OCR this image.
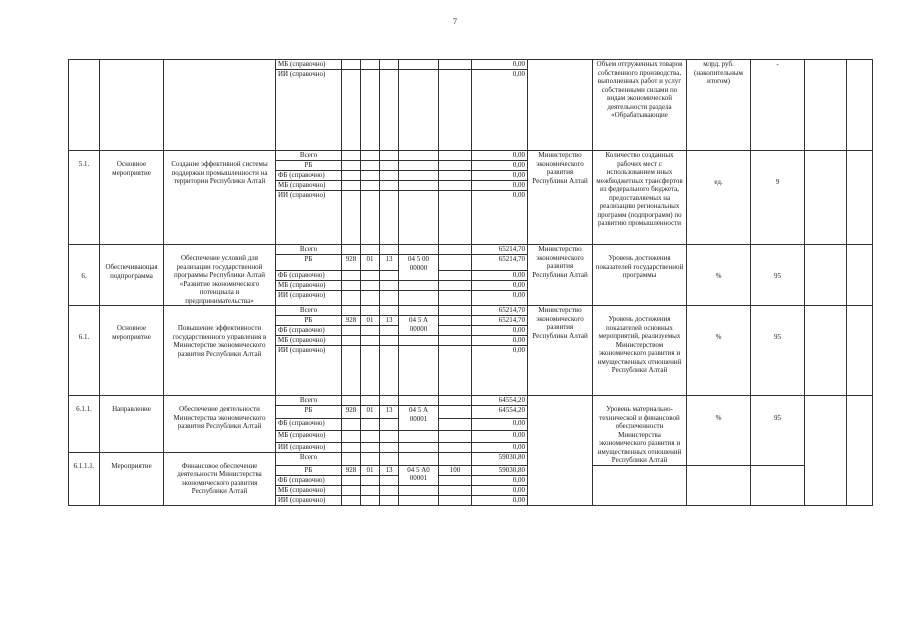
7
			МБ (справочно)						0,00		Объем отгруженных товаров собственного производства, выполненных работ и услуг собственными силами по видам экономической деятельности раздела «Обрабатывающие	млрд. руб. (накопительным итогом)	-		
			ИИ (справочно)						0,00						
5.1.	Основное мероприятие	Создание эффективной системы поддержки промышленности на территории Республики Алтай	Всего						0,00	Министерство экономического развития Республики Алтай	Количество созданных рабочих мест с использованием иных межбюджетных трансфертов из федерального бюджета, предоставляемых на реализацию региональных программ (подпрограмм) по развитию промышленности	ед.	9		
			РБ						0,00						
			ФБ (справочно)						0,00						
			МБ (справочно)						0,00						
			ИИ (справочно)						0,00						
6.	Обеспечивающая подпрограмма	Обеспечение условий для реализации государственной программы Республики Алтай «Развитие экономического потенциала и предпринимательства»	Всего						65214,70	Министерство экономического развития Республики Алтай	Уровень достижения показателей государственной программы	%	95		
			РБ	928	01	13	04 5 00 00000		65214,70						
			ФБ (справочно)						0,00						
			МБ (справочно)						0,00						
			ИИ (справочно)						0,00						
6.1.	Основное мероприятие	Повышение эффективности государственного управления в Министерстве экономического развития Республики Алтай	Всего						65214,70	Министерство экономического развития Республики Алтай	Уровень достижения показателей основных мероприятий, реализуемых Министерством экономического развития и имущественных отношений Республики Алтай	%	95		
			РБ	928	01	13	04 5 А 00000		65214,70						
			ФБ (справочно)						0,00						
			МБ (справочно)						0,00						
			ИИ (справочно)						0,00						
6.1.1.	Направление	Обеспечение деятельности Министерства экономического развития Республики Алтай	Всего						64554,20		Уровень материально-технической и финансовой обеспеченности Министерства экономического развития и имущественных отношений Республики Алтай	%	95		
			РБ	928	01	13	04 5 А 00001		64554,20						
			ФБ (справочно)						0,00						
			МБ (справочно)						0,00						
			ИИ (справочно)						0,00						
6.1.1.1.	Мероприятие	Финансовое обеспечение деятельности Министерства экономического развития Республики Алтай	Всего						59030,80						
			РБ	928	01	13	04 5 А0 00001	100	59030,80						
			ФБ (справочно)						0,00						
			МБ (справочно)						0,00						
			ИИ (справочно)						0,00						
